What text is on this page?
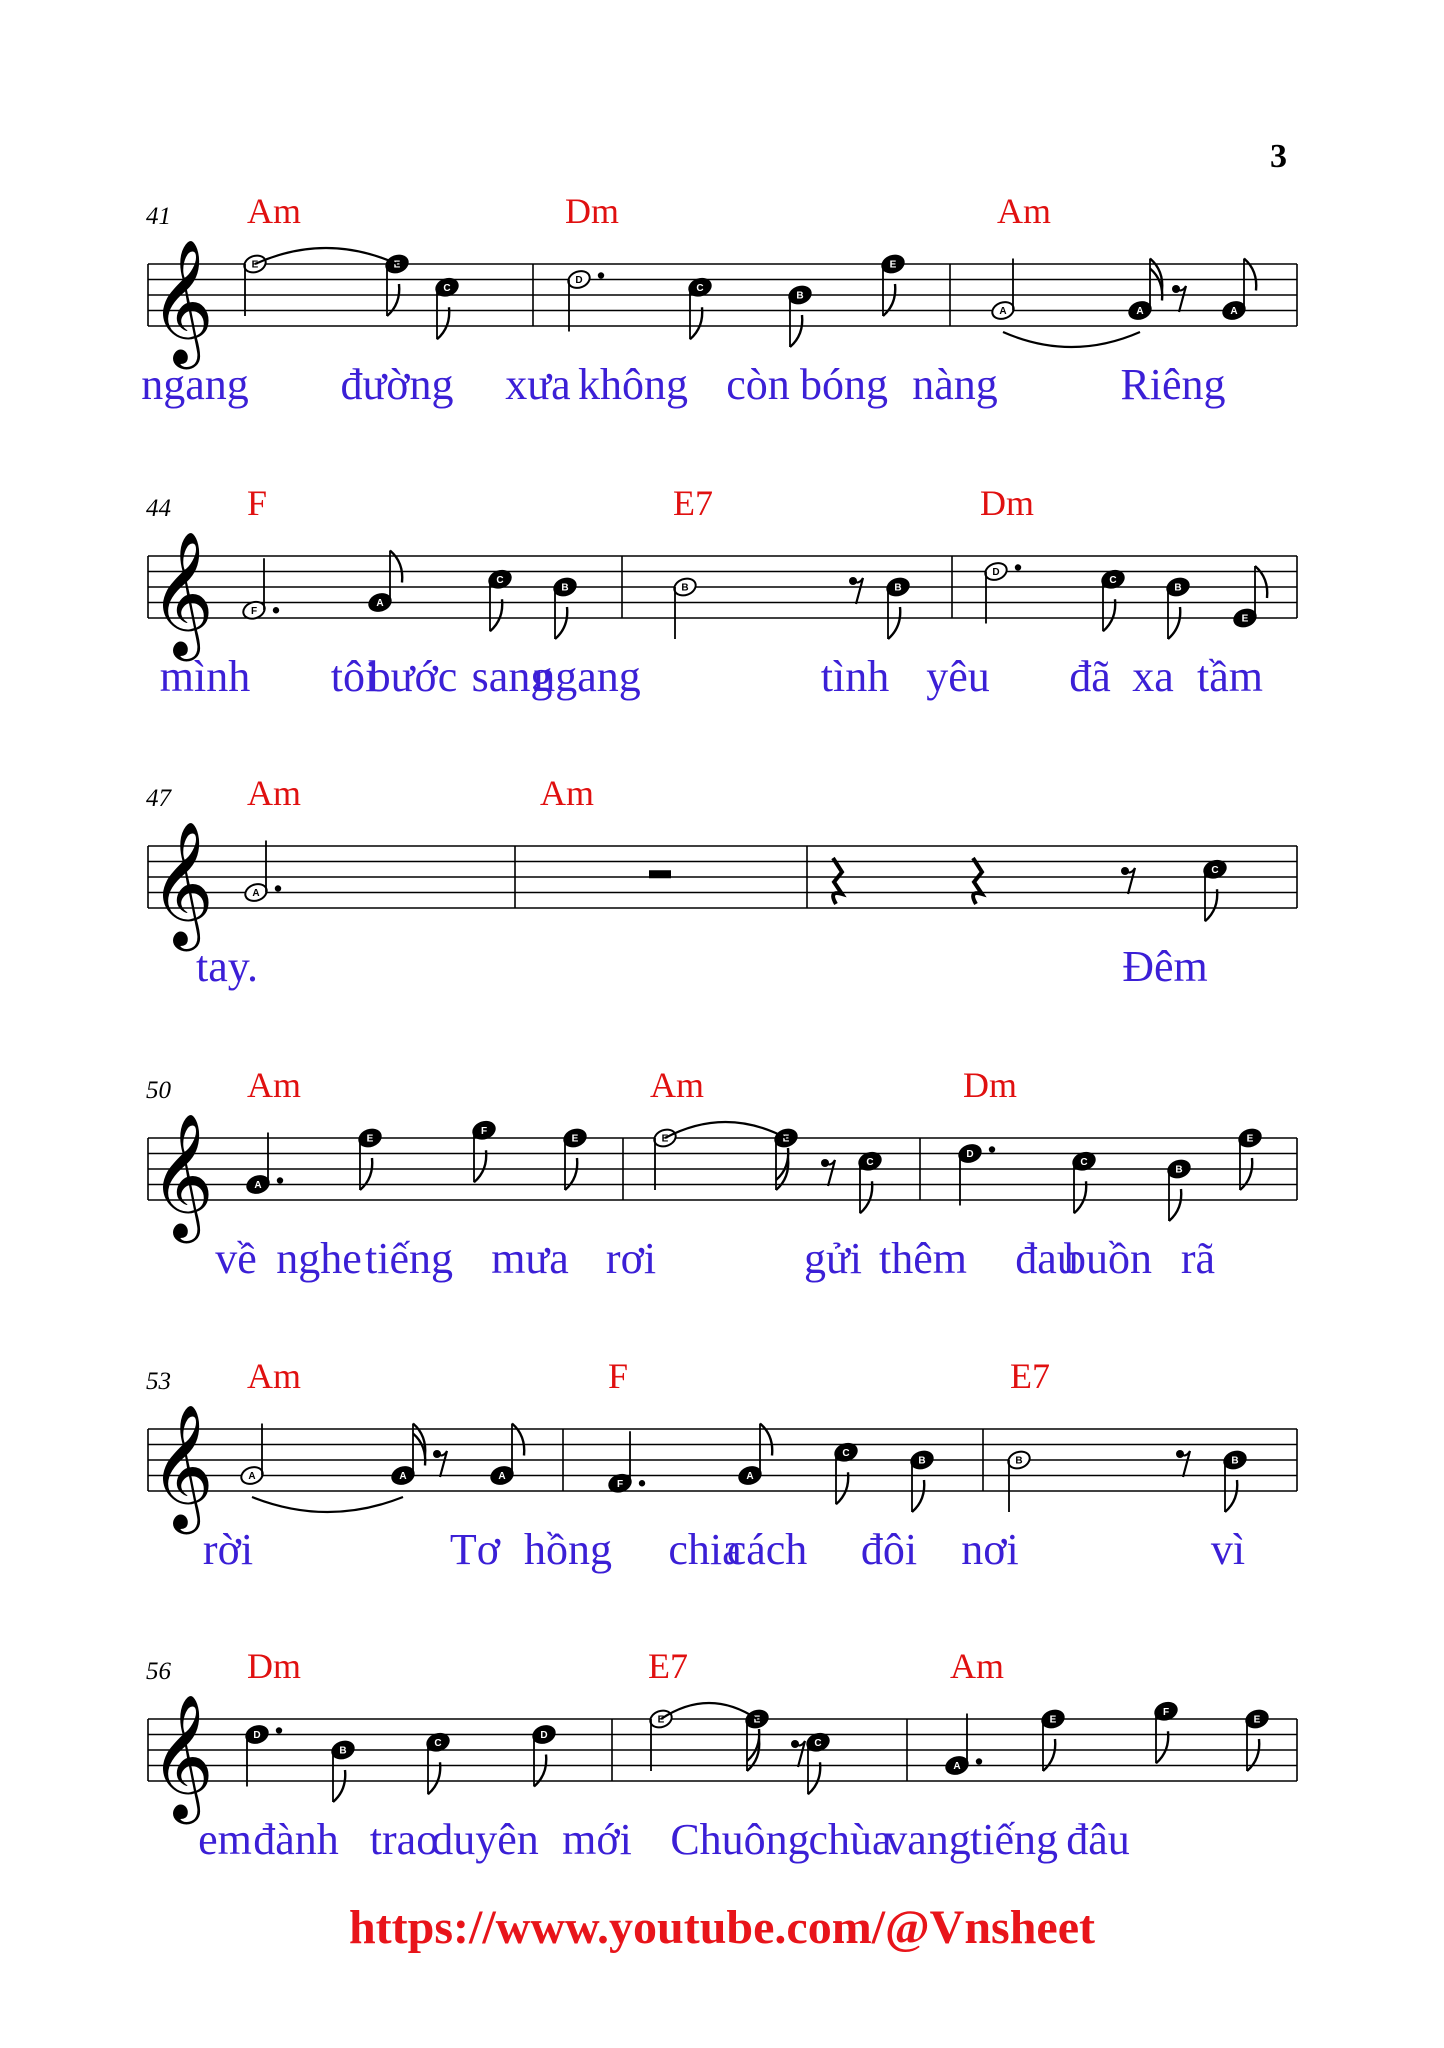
𝄞
41 Am	Dm	Am
ngang đường xưa không còn bóng nàng	Riêng
𝄞
44 F	E7	Dm
mình tôi
bước sang
ngang	tình yêu đã xa tầm
𝄞
47 Am	Am
tay.	Đêm
𝄞
50 Am	Am	Dm
về nghe tiếng mưa rơi	gửi thêm đau
buồn rã
𝄞
53 Am	F	E7
rời	Tơ hồng chia
cách đôi nơi	vì
𝄞
56 Dm	E7	Am
em đành trao
duyên mới Chuông
chùa
vang tiếng đâu
E	E
C
D
C
B
E
A	A	A
F
A
C
B	B	B
D
C
B
E
A
C
A
E
F
E	E	E
C
D
C
B
E
A	A	A
F
A
C
B	B	B
D
B
C
D
E	E
C
A
E
F
E
3
https://www.youtube.com/@Vnsheet
